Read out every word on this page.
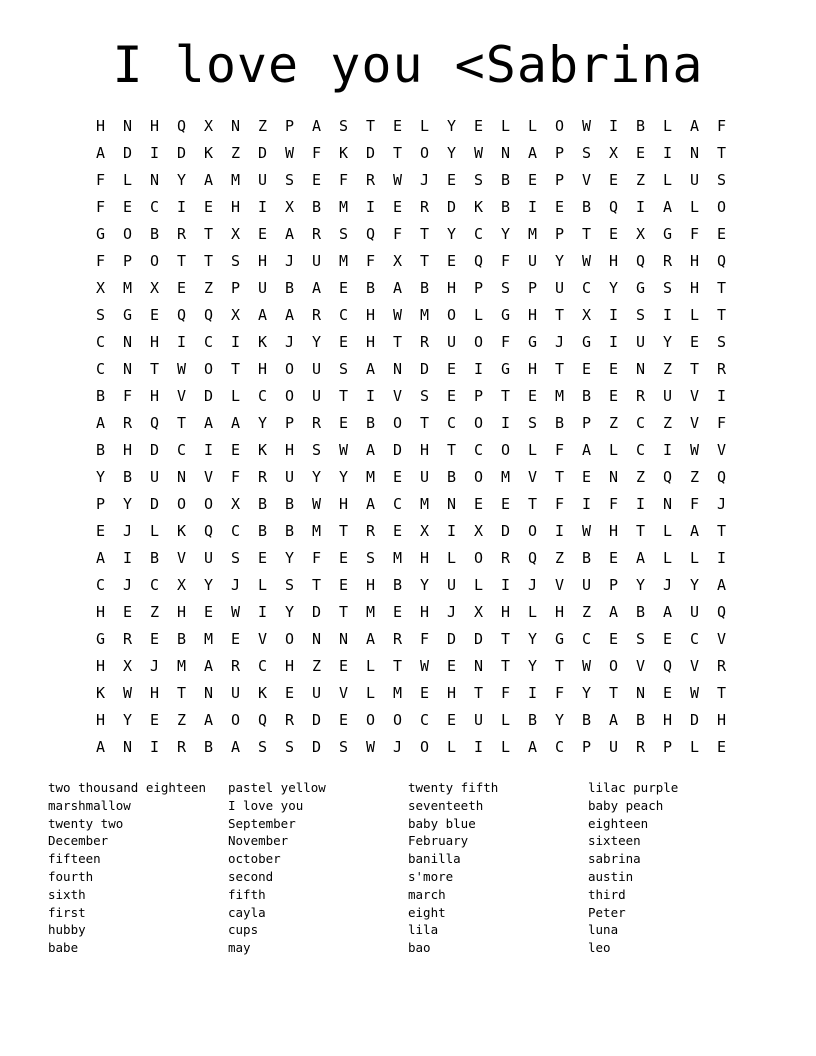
I love you <Sabrina
H	N	H	Q	X	N	Z	P	A	S	T	E	L	Y	E	L	L	O	W	I	B	L	A	F
A	D	I	D	K	Z	D	W	F	K	D	T	O	Y	W	N	A	P	S	X	E	I	N	T
F	L	N	Y	A	M	U	S	E	F	R	W	J	E	S	B	E	P	V	E	Z	L	U	S
F	E	C	I	E	H	I	X	B	M	I	E	R	D	K	B	I	E	B	Q	I	A	L	O
G	O	B	R	T	X	E	A	R	S	Q	F	T	Y	C	Y	M	P	T	E	X	G	F	E
F	P	O	T	T	S	H	J	U	M	F	X	T	E	Q	F	U	Y	W	H	Q	R	H	Q
X	M	X	E	Z	P	U	B	A	E	B	A	B	H	P	S	P	U	C	Y	G	S	H	T
S	G	E	Q	Q	X	A	A	R	C	H	W	M	O	L	G	H	T	X	I	S	I	L	T
C	N	H	I	C	I	K	J	Y	E	H	T	R	U	O	F	G	J	G	I	U	Y	E	S
C	N	T	W	O	T	H	O	U	S	A	N	D	E	I	G	H	T	E	E	N	Z	T	R
B	F	H	V	D	L	C	O	U	T	I	V	S	E	P	T	E	M	B	E	R	U	V	I
A	R	Q	T	A	A	Y	P	R	E	B	O	T	C	O	I	S	B	P	Z	C	Z	V	F
B	H	D	C	I	E	K	H	S	W	A	D	H	T	C	O	L	F	A	L	C	I	W	V
Y	B	U	N	V	F	R	U	Y	Y	M	E	U	B	O	M	V	T	E	N	Z	Q	Z	Q
P	Y	D	O	O	X	B	B	W	H	A	C	M	N	E	E	T	F	I	F	I	N	F	J
E	J	L	K	Q	C	B	B	M	T	R	E	X	I	X	D	O	I	W	H	T	L	A	T
A	I	B	V	U	S	E	Y	F	E	S	M	H	L	O	R	Q	Z	B	E	A	L	L	I
C	J	C	X	Y	J	L	S	T	E	H	B	Y	U	L	I	J	V	U	P	Y	J	Y	A
H	E	Z	H	E	W	I	Y	D	T	M	E	H	J	X	H	L	H	Z	A	B	A	U	Q
G	R	E	B	M	E	V	O	N	N	A	R	F	D	D	T	Y	G	C	E	S	E	C	V
H	X	J	M	A	R	C	H	Z	E	L	T	W	E	N	T	Y	T	W	O	V	Q	V	R
K	W	H	T	N	U	K	E	U	V	L	M	E	H	T	F	I	F	Y	T	N	E	W	T
H	Y	E	Z	A	O	Q	R	D	E	O	O	C	E	U	L	B	Y	B	A	B	H	D	H
A	N	I	R	B	A	S	S	D	S	W	J	O	L	I	L	A	C	P	U	R	P	L	E
two thousand eighteen
marshmallow
twenty two
December
fifteen
fourth
sixth
first
hubby
babe
pastel yellow
I love you
September
November
october
second
fifth
cayla
cups
may
twenty fifth
seventeeth
baby blue
February
banilla
s'more
march
eight
lila
bao
lilac purple
baby peach
eighteen
sixteen
sabrina
austin
third
Peter
luna
leo
